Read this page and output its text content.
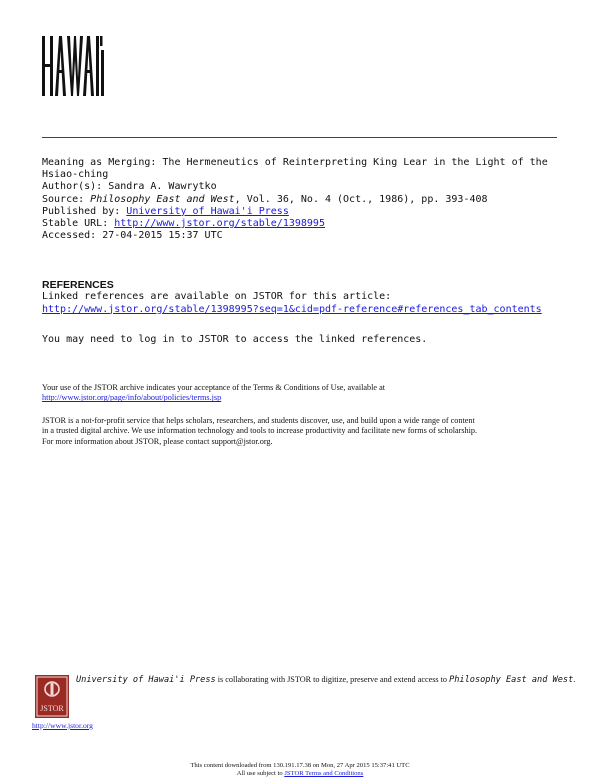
Meaning as Merging: The Hermeneutics of Reinterpreting King Lear in the Light of the
Hsiao-ching
Author(s): Sandra A. Wawrytko
Source: Philosophy East and West, Vol. 36, No. 4 (Oct., 1986), pp. 393-408
Published by: University of Hawai'i Press
Stable URL: http://www.jstor.org/stable/1398995
Accessed: 27-04-2015 15:37 UTC
REFERENCES
Linked references are available on JSTOR for this article:
http://www.jstor.org/stable/1398995?seq=1&cid=pdf-reference#references_tab_contents
You may need to log in to JSTOR to access the linked references.
Your use of the JSTOR archive indicates your acceptance of the Terms & Conditions of Use, available at
http://www.jstor.org/page/info/about/policies/terms.jsp
JSTOR is a not-for-profit service that helps scholars, researchers, and students discover, use, and build upon a wide range of content
in a trusted digital archive. We use information technology and tools to increase productivity and facilitate new forms of scholarship.
For more information about JSTOR, please contact support@jstor.org.
JSTOR
University of Hawai'i Press is collaborating with JSTOR to digitize, preserve and extend access to Philosophy East and West.
http://www.jstor.org
This content downloaded from 130.191.17.38 on Mon, 27 Apr 2015 15:37:41 UTC
All use subject to JSTOR Terms and Conditions
